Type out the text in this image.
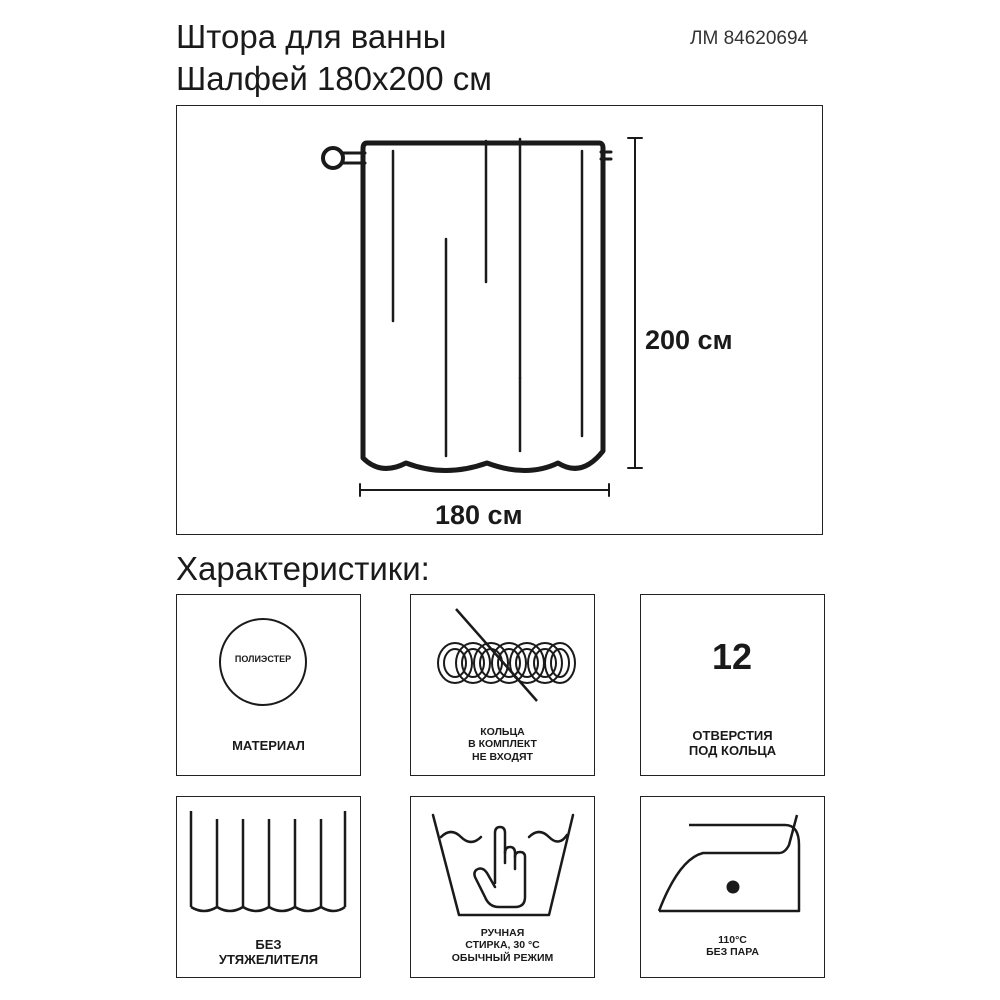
Штора для ванны
Шалфей 180x200 см
ЛМ 84620694
200 см
180 см
Характеристики:
ПОЛИЭСТЕР
МАТЕРИАЛ
КОЛЬЦА
В КОМПЛЕКТ
НЕ ВХОДЯТ
12
ОТВЕРСТИЯ
ПОД КОЛЬЦА
БЕЗ
УТЯЖЕЛИТЕЛЯ
РУЧНАЯ
СТИРКА, 30 °С
ОБЫЧНЫЙ РЕЖИМ
110°С
БЕЗ ПАРА
